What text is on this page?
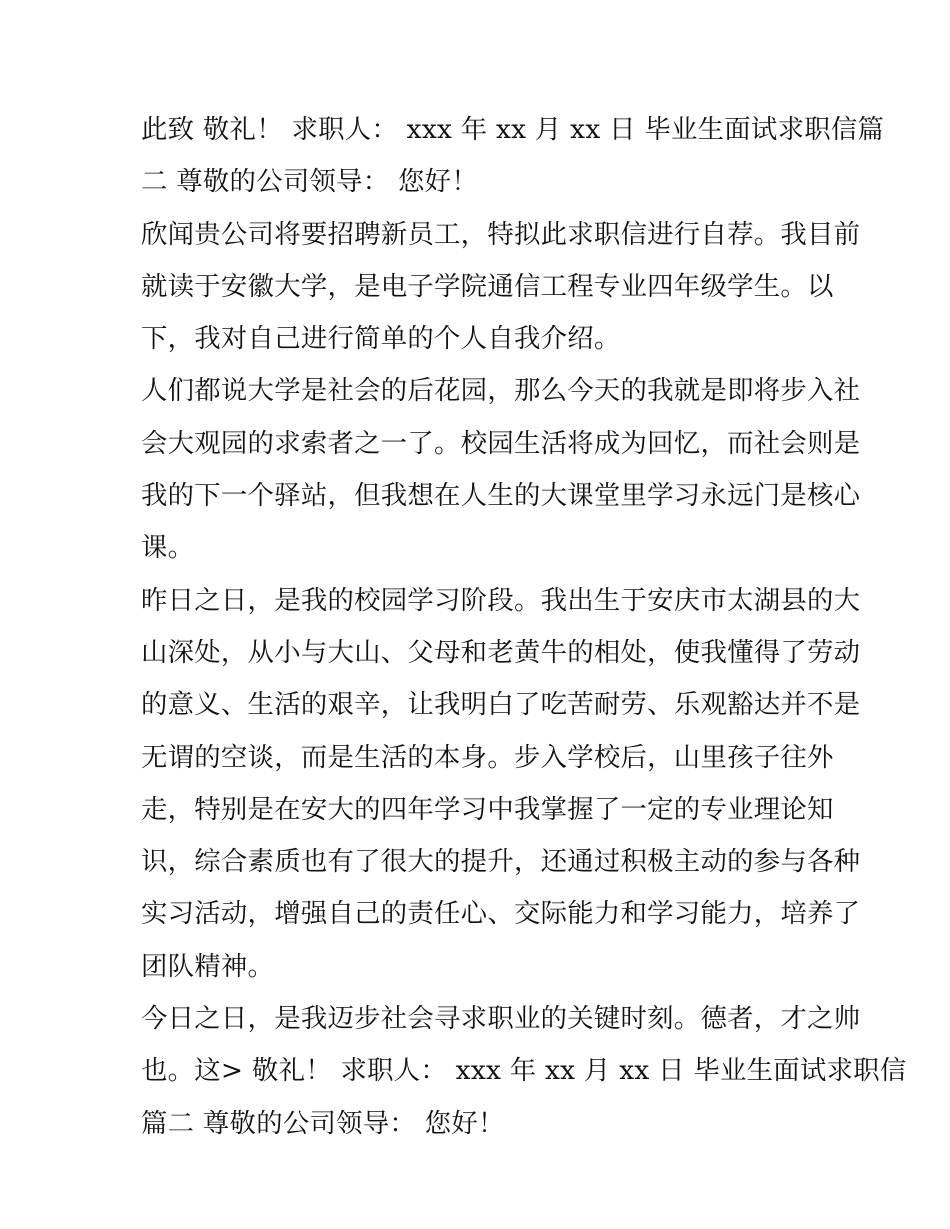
此致 敬礼！ 求职人： xxx 年 xx 月 xx 日 毕业生面试求职信篇
二 尊敬的公司领导： 您好！
欣闻贵公司将要招聘新员工，特拟此求职信进行自荐。我目前
就读于安徽大学，是电子学院通信工程专业四年级学生。以
下，我对自己进行简单的个人自我介绍。
人们都说大学是社会的后花园，那么今天的我就是即将步入社
会大观园的求索者之一了。校园生活将成为回忆，而社会则是
我的下一个驿站，但我想在人生的大课堂里学习永远门是核心
课。
昨日之日，是我的校园学习阶段。我出生于安庆市太湖县的大
山深处，从小与大山、父母和老黄牛的相处，使我懂得了劳动
的意义、生活的艰辛，让我明白了吃苦耐劳、乐观豁达并不是
无谓的空谈，而是生活的本身。步入学校后，山里孩子往外
走，特别是在安大的四年学习中我掌握了一定的专业理论知
识，综合素质也有了很大的提升，还通过积极主动的参与各种
实习活动，增强自己的责任心、交际能力和学习能力，培养了
团队精神。
今日之日，是我迈步社会寻求职业的关键时刻。德者，才之帅
也。这> 敬礼！ 求职人： xxx 年 xx 月 xx 日 毕业生面试求职信
篇二 尊敬的公司领导： 您好！
